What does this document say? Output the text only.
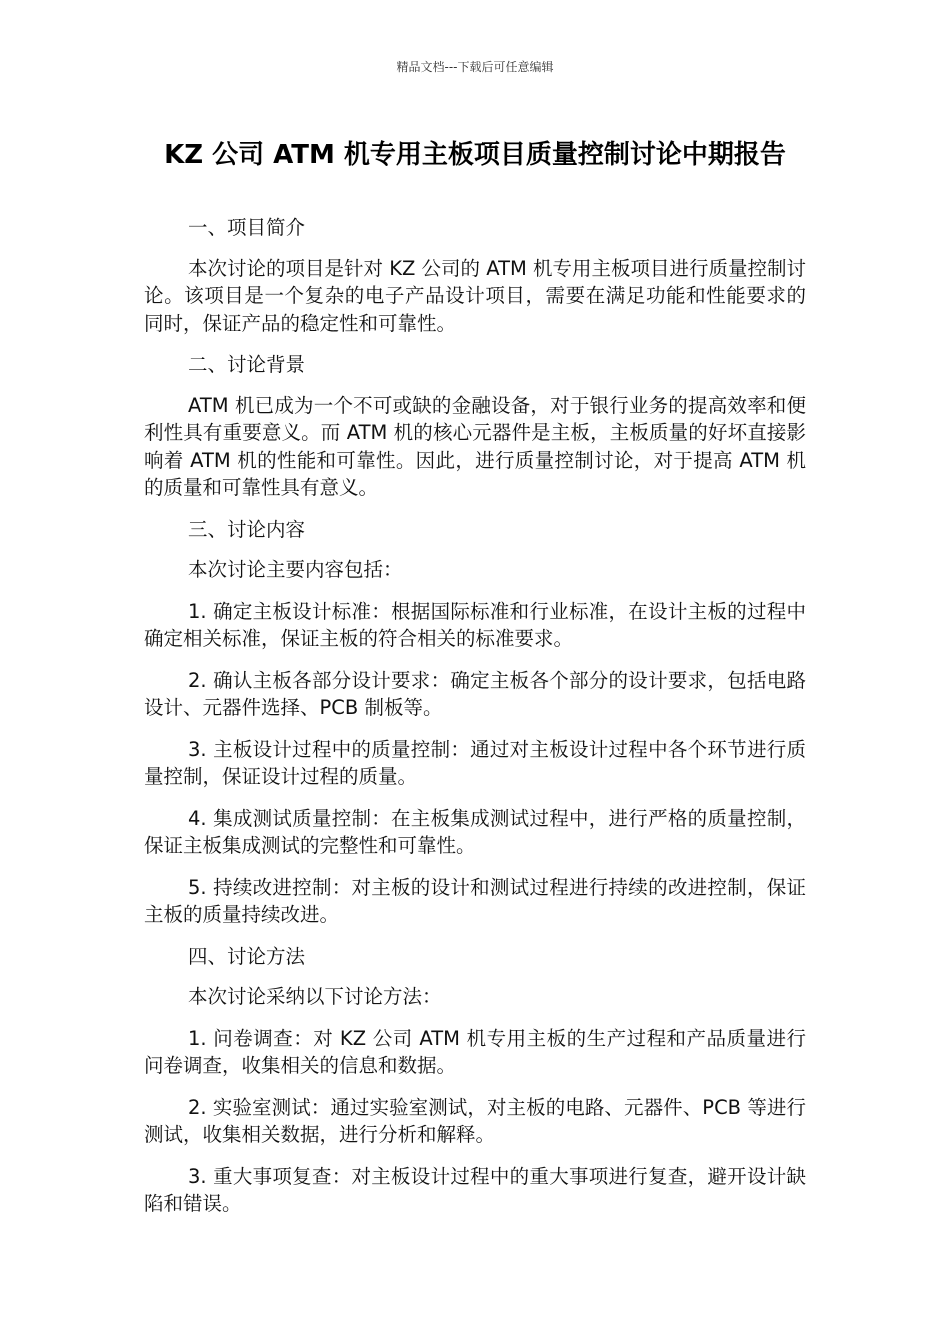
精品文档---下载后可任意编辑
KZ 公司 ATM 机专用主板项目质量控制讨论中期报告

一、项目简介

本次讨论的项目是针对 KZ 公司的 ATM 机专用主板项目进行质量控制讨论。该项目是一个复杂的电子产品设计项目，需要在满足功能和性能要求的同时，保证产品的稳定性和可靠性。

二、讨论背景

ATM 机已成为一个不可或缺的金融设备，对于银行业务的提高效率和便利性具有重要意义。而 ATM 机的核心元器件是主板，主板质量的好坏直接影响着 ATM 机的性能和可靠性。因此，进行质量控制讨论，对于提高 ATM 机的质量和可靠性具有意义。

三、讨论内容

本次讨论主要内容包括：

1. 确定主板设计标准：根据国际标准和行业标准，在设计主板的过程中确定相关标准，保证主板的符合相关的标准要求。

2. 确认主板各部分设计要求：确定主板各个部分的设计要求，包括电路设计、元器件选择、PCB 制板等。

3. 主板设计过程中的质量控制：通过对主板设计过程中各个环节进行质量控制，保证设计过程的质量。

4. 集成测试质量控制：在主板集成测试过程中，进行严格的质量控制，保证主板集成测试的完整性和可靠性。

5. 持续改进控制：对主板的设计和测试过程进行持续的改进控制，保证主板的质量持续改进。

四、讨论方法

本次讨论采纳以下讨论方法：

1. 问卷调查：对 KZ 公司 ATM 机专用主板的生产过程和产品质量进行问卷调查，收集相关的信息和数据。

2. 实验室测试：通过实验室测试，对主板的电路、元器件、PCB 等进行测试，收集相关数据，进行分析和解释。

3. 重大事项复查：对主板设计过程中的重大事项进行复查，避开设计缺陷和错误。
